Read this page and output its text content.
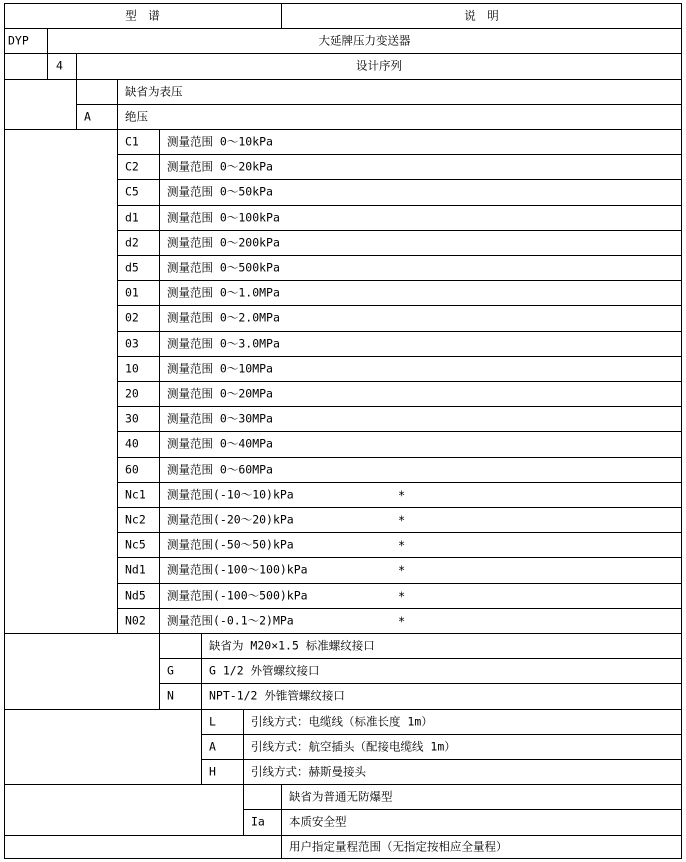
型　谱	说　明
DYP	大延牌压力变送器
4	设计序列
缺省为表压
A	绝压
C1 测量范围 0～10kPa
C2 测量范围 0～20kPa
C5 测量范围 0～50kPa
d1 测量范围 0～100kPa
d2 测量范围 0～200kPa
d5 测量范围 0～500kPa
01 测量范围 0～1.0MPa
02 测量范围 0～2.0MPa
03 测量范围 0～3.0MPa
10 测量范围 0～10MPa
20 测量范围 0～20MPa
30 测量范围 0～30MPa
40 测量范围 0～40MPa
60 测量范围 0～60MPa
Nc1 测量范围(-10～10)kPa	*
Nc2 测量范围(-20～20)kPa	*
Nc5 测量范围(-50～50)kPa	*
Nd1 测量范围(-100～100)kPa	*
Nd5 测量范围(-100～500)kPa	*
N02 测量范围(-0.1～2)MPa	*
缺省为 M20×1.5 标准螺纹接口
G	G 1/2 外管螺纹接口
N	NPT-1/2 外锥管螺纹接口
L	引线方式：电缆线（标准长度 1m）
A	引线方式：航空插头（配接电缆线 1m）
H	引线方式：赫斯曼接头
缺省为普通无防爆型
Ia 本质安全型
用户指定量程范围（无指定按相应全量程）
